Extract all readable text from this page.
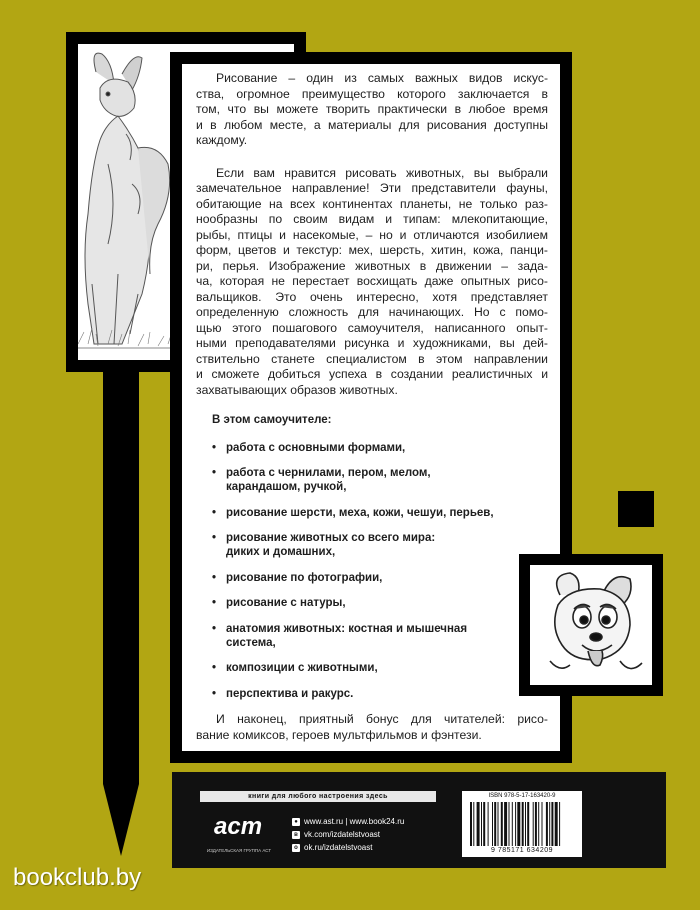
Рисование – один из самых важных видов искус-
ства, огромное преимущество которого заключается в
том, что вы можете творить практически в любое время
и в любом месте, а материалы для рисования доступны
каждому.

Если вам нравится рисовать животных, вы выбрали
замечательное направление! Эти представители фауны,
обитающие на всех континентах планеты, не только раз-
нообразны по своим видам и типам: млекопитающие,
рыбы, птицы и насекомые, – но и отличаются изобилием
форм, цветов и текстур: мех, шерсть, хитин, кожа, панци-
ри, перья. Изображение животных в движении – зада-
ча, которая не перестает восхищать даже опытных рисо-
вальщиков. Это очень интересно, хотя представляет
определенную сложность для начинающих. Но с помо-
щью этого пошагового самоучителя, написанного опыт-
ными преподавателями рисунка и художниками, вы дей-
ствительно станете специалистом в этом направлении
и сможете добиться успеха в создании реалистичных и
захватывающих образов животных.

В этом самоучителе:
• работа с основными формами,
• работа с чернилами, пером, мелом,
карандашом, ручкой,
• рисование шерсти, меха, кожи, чешуи, перьев,
• рисование животных со всего мира:
диких и домашних,
• рисование по фотографии,
• рисование с натуры,
• анатомия животных: костная и мышечная
система,
• композиции с животными,
• перспектива и ракурс.

И наконец, приятный бонус для читателей: рисо-
вание комиксов, героев мультфильмов и фэнтези.

книги для любого настроения здесь
аст
ИЗДАТЕЛЬСКАЯ ГРУППА АСТ
● www.ast.ru | www.book24.ru
в vk.com/izdatelstvoast
о ok.ru/izdatelstvoast
ISBN 978-5-17-163420-9
9 785171 634209
bookclub.by
